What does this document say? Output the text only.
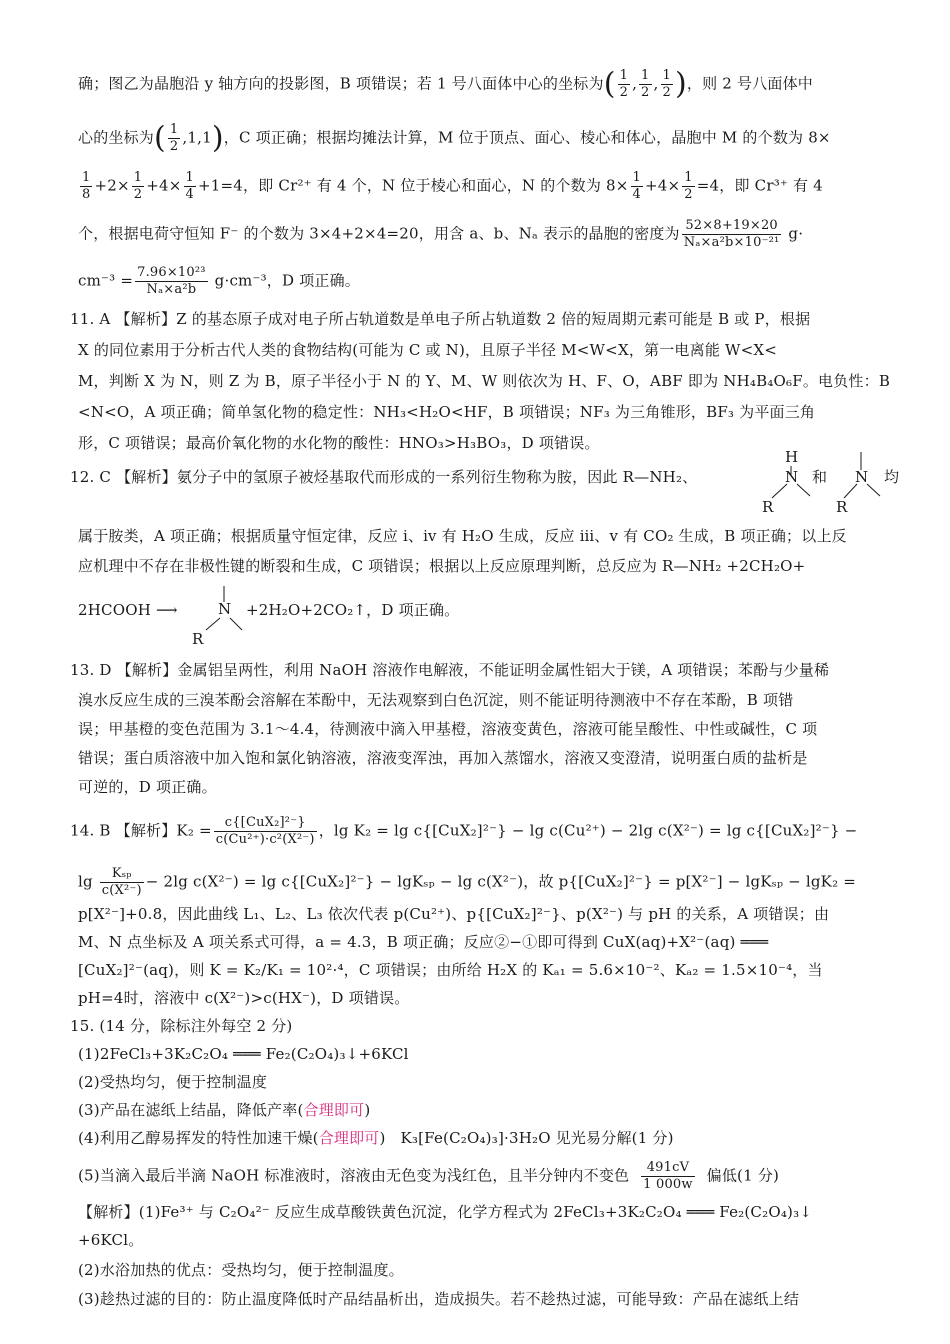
确；图乙为晶胞沿 y 轴方向的投影图，B 项错误；若 1 号八面体中心的坐标为( $\frac{1}{2}$ , $\frac{1}{2}$ , $\frac{1}{2}$ )，则 2 号八面体中
心的坐标为( $\frac{1}{2} ,1,1$)，C 项正确；根据均摊法计算，M 位于顶点、面心、棱心和体心，晶胞中 M 的个数为 8×
$\frac{1}{8} +2\times \frac{1}{2} +4\times \frac{1}{4} +1=4$，即 Cr²⁺ 有 4 个，N 位于棱心和面心，N 的个数为 $8\times \frac{1}{4} +4\times \frac{1}{2} =4$，即 Cr³⁺ 有 4
个，根据电荷守恒知 F⁻ 的个数为 3×4+2×4=20，用含 a、b、Nₐ 表示的晶胞的密度为 $\frac{52\times 8+19\times 20}{\text{Nₐ×a²b×10⁻²¹}} g\cdot$
$cm^{-3} = \frac{\text{7.96×10²³}}{\text{Nₐ×a²b}} g\cdot cm^{-3}$，D 项正确。
11. A 【解析】Z 的基态原子成对电子所占轨道数是单电子所占轨道数 2 倍的短周期元素可能是 B 或 P，根据
X 的同位素用于分析古代人类的食物结构(可能为 C 或 N)，且原子半径 M<W<X，第一电离能 W<X<
M，判断 X 为 N，则 Z 为 B，原子半径小于 N 的 Y、M、W 则依次为 H、F、O，ABF 即为 NH₄B₄O₆F。电负性：B
<N<O，A 项正确；简单氢化物的稳定性：NH₃<H₂O<HF，B 项错误；NF₃ 为三角锥形，BF₃ 为平面三角
形，C 项错误；最高价氧化物的水化物的酸性：HNO₃>H₃BO₃，D 项错误。
12. C 【解析】氨分子中的氢原子被烃基取代而形成的一系列衍生物称为胺，因此 R—NH₂、
H
N
R
和 N
R
均
属于胺类，A 项正确；根据质量守恒定律，反应 ⅰ、ⅳ 有 H₂O 生成，反应 ⅲ、ⅴ 有 CO₂ 生成，B 项正确；以上反
应机理中不存在非极性键的断裂和生成，C 项错误；根据以上反应原理判断，总反应为 R—NH₂ +2CH₂O+
2HCOOH ⟶	N
R
+2H₂O+2CO₂↑，D 项正确。
13. D 【解析】金属铝呈两性，利用 NaOH 溶液作电解液，不能证明金属性铝大于镁，A 项错误；苯酚与少量稀
溴水反应生成的三溴苯酚会溶解在苯酚中，无法观察到白色沉淀，则不能证明待测液中不存在苯酚，B 项错
误；甲基橙的变色范围为 3.1～4.4，待测液中滴入甲基橙，溶液变黄色，溶液可能呈酸性、中性或碱性，C 项
错误；蛋白质溶液中加入饱和氯化钠溶液，溶液变浑浊，再加入蒸馏水，溶液又变澄清，说明蛋白质的盐析是
可逆的，D 项正确。
14. B 【解析】$K_2 = \frac{\text{c\{[CuX₂]²⁻\}}}{\text{c(Cu²⁺)·c²(X²⁻)}}$ ，lg K₂ = lg c{[CuX₂]²⁻} − lg c(Cu²⁺) − 2lg c(X²⁻) = lg c{[CuX₂]²⁻} −
$\lg \frac{\text{Kₛₚ}}{\text{c(X²⁻)}} - 2\lg$ c(X²⁻) = lg c{[CuX₂]²⁻} − lgKₛₚ − lg c(X²⁻)，故 p{[CuX₂]²⁻} = p[X²⁻] − lgKₛₚ − lgK₂ =
p[X²⁻]+0.8，因此曲线 L₁、L₂、L₃ 依次代表 p(Cu²⁺)、p{[CuX₂]²⁻}、p(X²⁻) 与 pH 的关系，A 项错误；由
M、N 点坐标及 A 项关系式可得，a = 4.3，B 项正确；反应②−①即可得到 CuX(aq)+X²⁻(aq) ═══
[CuX₂]²⁻(aq)，则 K = K₂/K₁ = 10²·⁴，C 项错误；由所给 H₂X 的 Kₐ₁ = 5.6×10⁻²、Kₐ₂ = 1.5×10⁻⁴，当
pH=4时，溶液中 c(X²⁻)>c(HX⁻)，D 项错误。
15. (14 分，除标注外每空 2 分)
(1)2FeCl₃+3K₂C₂O₄ ═══ Fe₂(C₂O₄)₃↓+6KCl
(2)受热均匀，便于控制温度
(3)产品在滤纸上结晶，降低产率(合理即可)
(4)利用乙醇易挥发的特性加速干燥(合理即可) K₃[Fe(C₂O₄)₃]·3H₂O 见光易分解(1 分)
(5)当滴入最后半滴 NaOH 标准液时，溶液由无色变为浅红色，且半分钟内不变色 $\frac{491cV}{1 000w}$ 偏低(1 分)
【解析】(1)Fe³⁺ 与 C₂O₄²⁻ 反应生成草酸铁黄色沉淀，化学方程式为 2FeCl₃+3K₂C₂O₄ ═══ Fe₂(C₂O₄)₃↓
+6KCl。
(2)水浴加热的优点：受热均匀，便于控制温度。
(3)趁热过滤的目的：防止温度降低时产品结晶析出，造成损失。若不趁热过滤，可能导致：产品在滤纸上结
